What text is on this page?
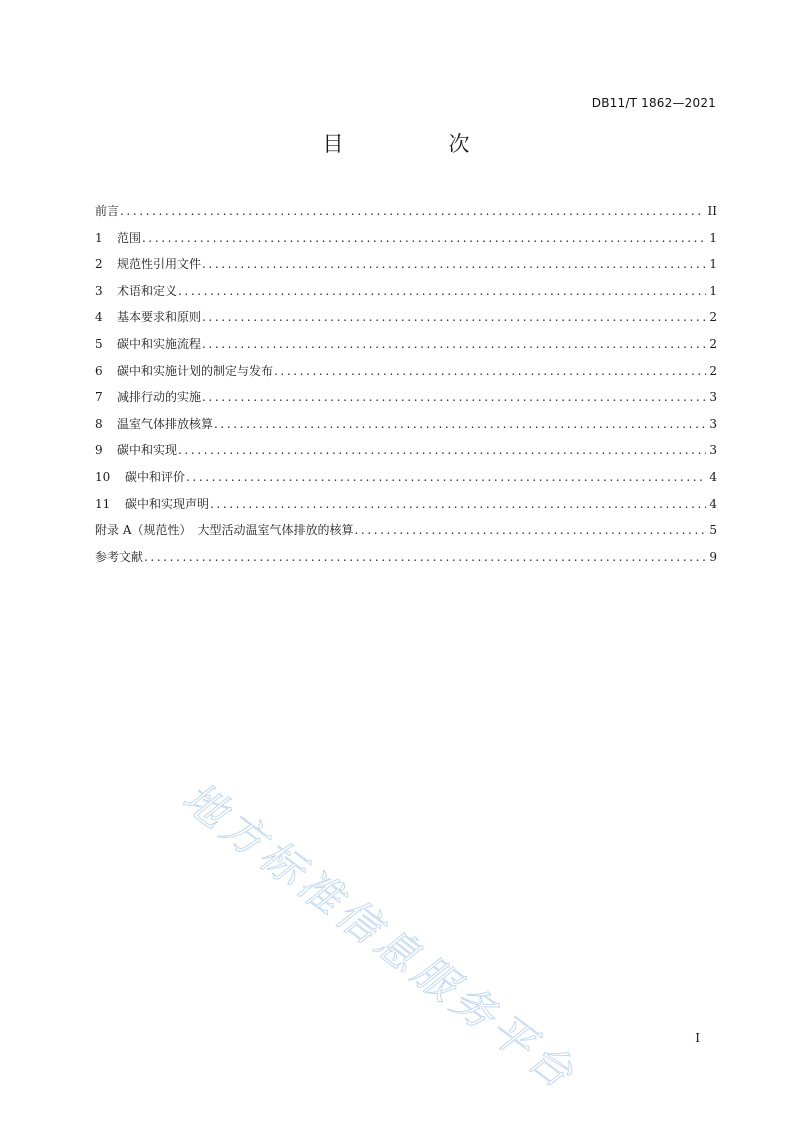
DB11/T 1862—2021
目　次
前言 .....	II
1	范围 .....	1
2	规范性引用文件 .....	1
3	术语和定义 .....	1
4	基本要求和原则 .....	2
5	碳中和实施流程 .....	2
6	碳中和实施计划的制定与发布 .....	2
7	减排行动的实施 .....	3
8	温室气体排放核算 .....	3
9	碳中和实现 .....	3
10	碳中和评价 .....	4
11	碳中和实现声明 .....	4
附录 A（规范性）　大型活动温室气体排放的核算 .....	5
参考文献 .....	9
地方标准信息服务平台	I
